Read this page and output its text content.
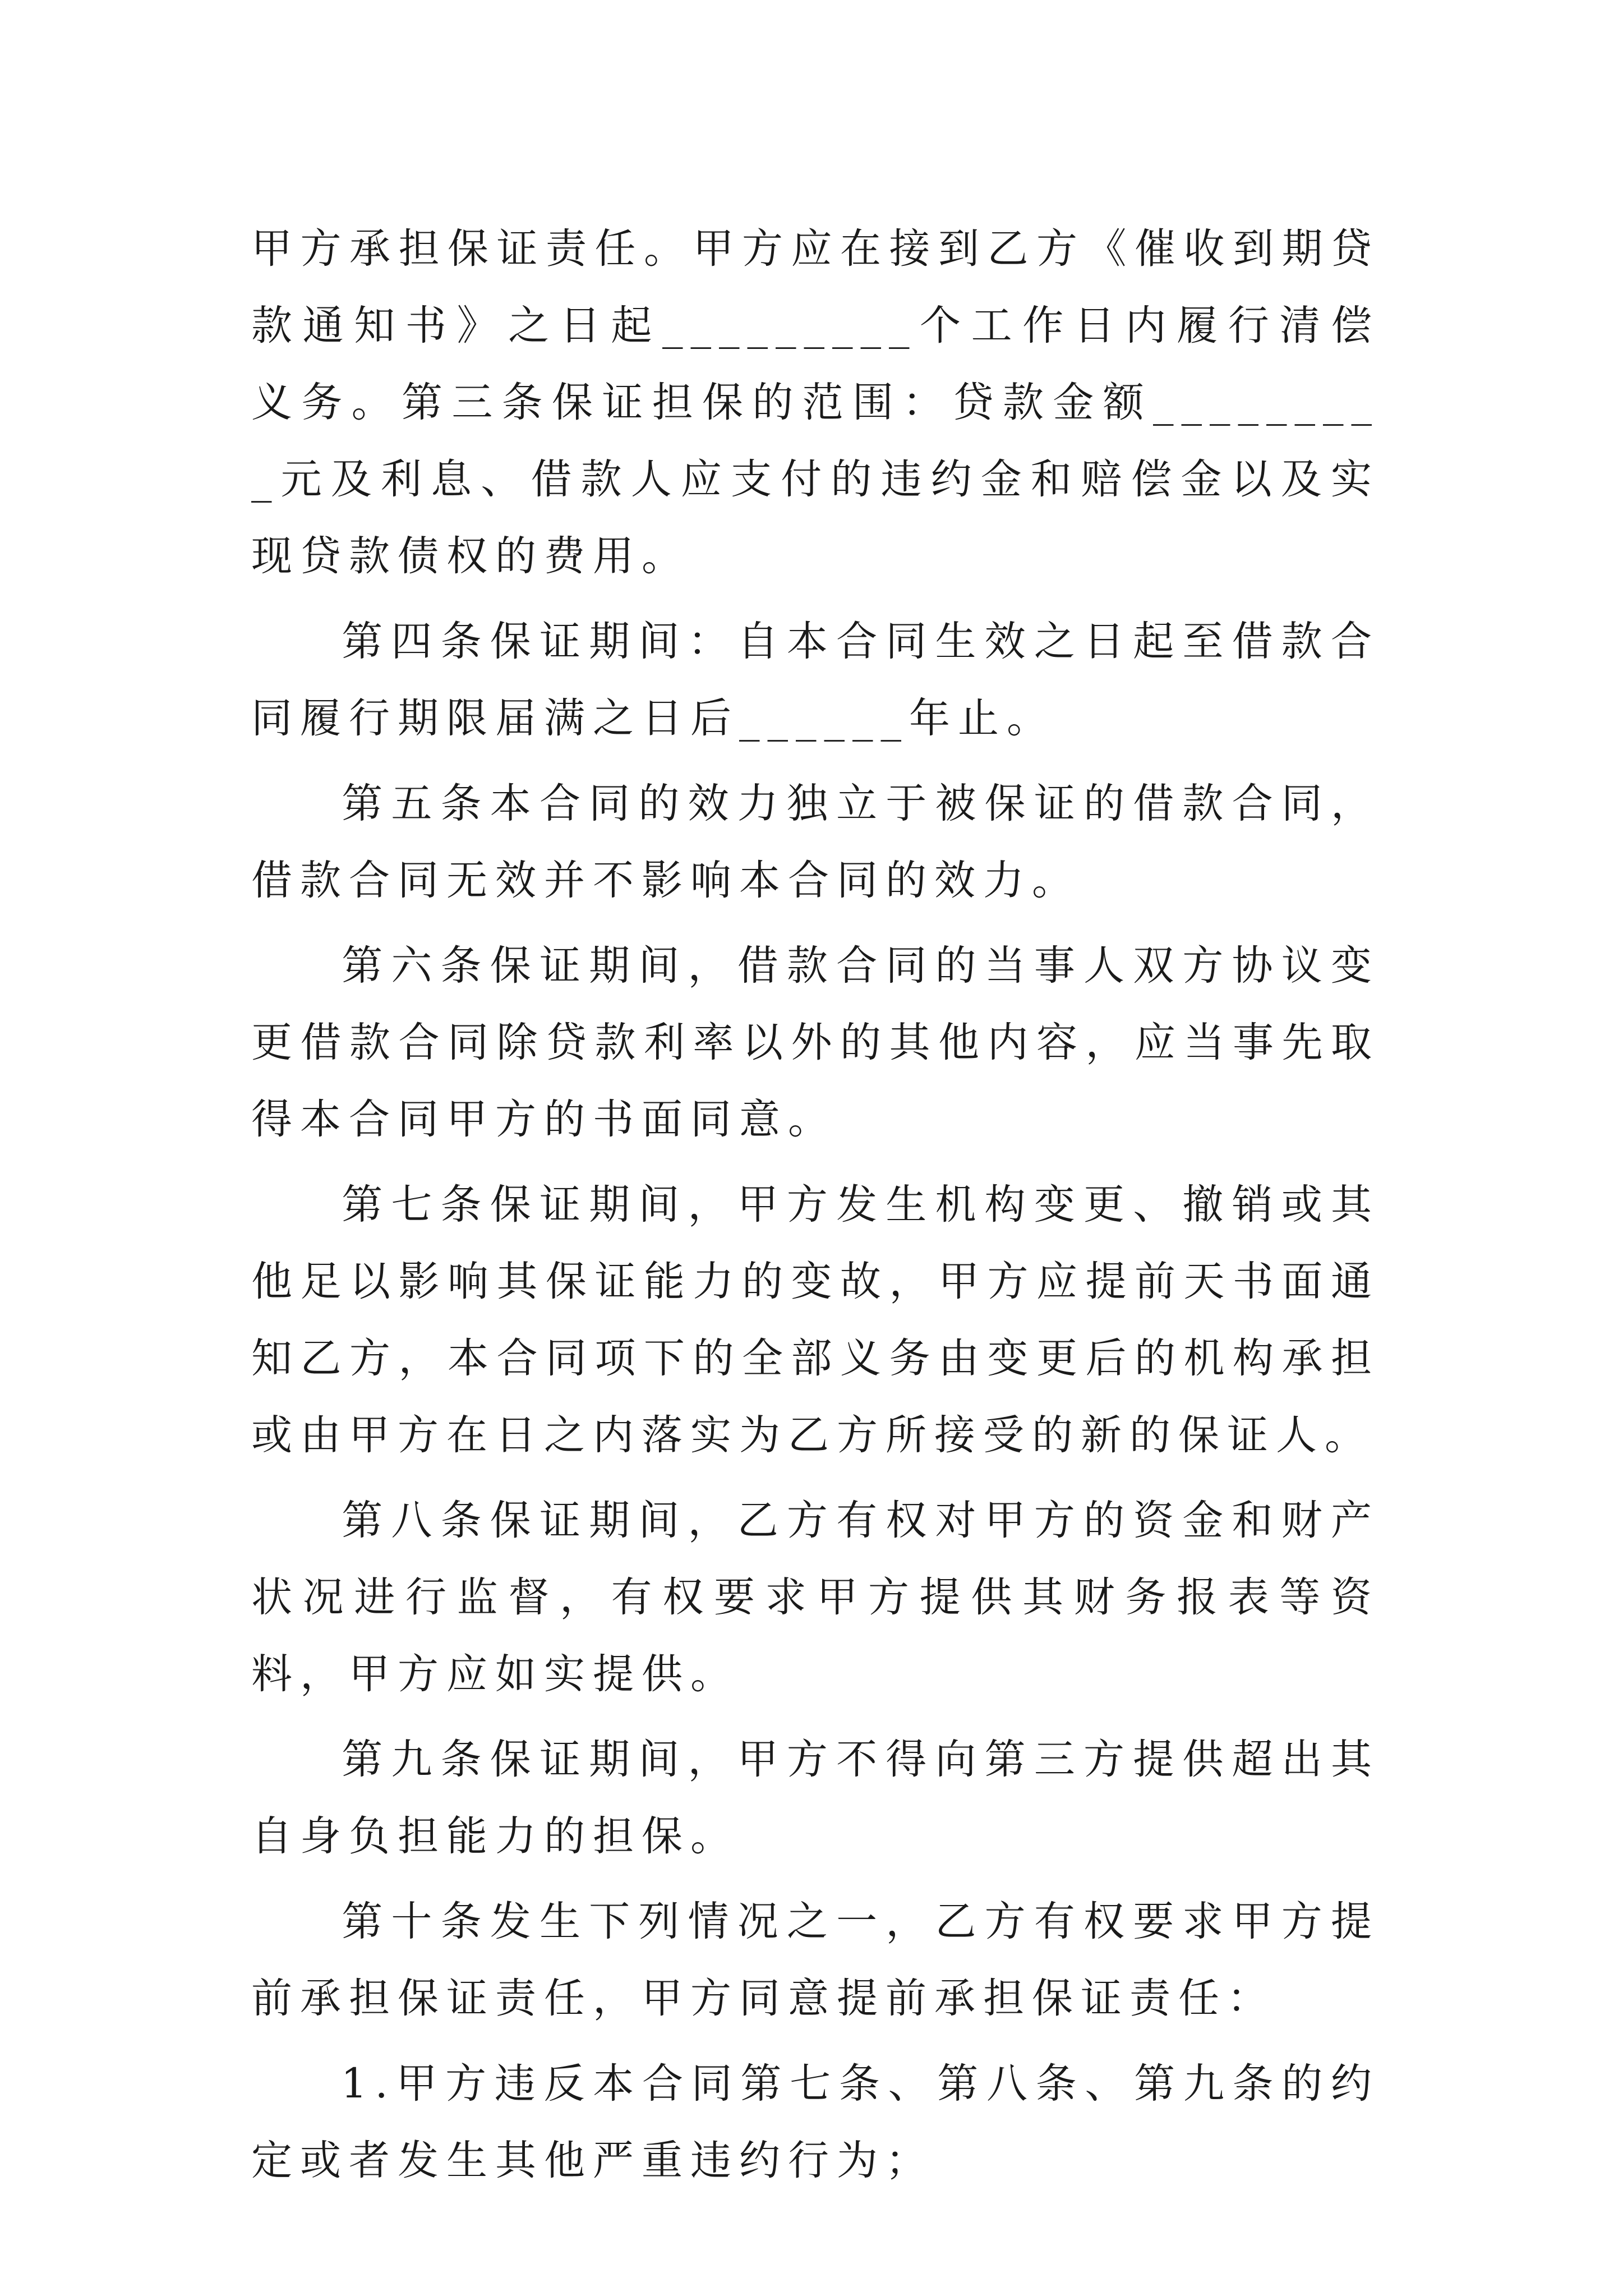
甲方承担保证责任。甲方应在接到乙方《催收到期贷款通知书》之日起_________个工作日内履行清偿义务。第三条保证担保的范围：贷款金额_________元及利息、借款人应支付的违约金和赔偿金以及实现贷款债权的费用。

第四条保证期间：自本合同生效之日起至借款合同履行期限届满之日后______年止。

第五条本合同的效力独立于被保证的借款合同，借款合同无效并不影响本合同的效力。

第六条保证期间，借款合同的当事人双方协议变更借款合同除贷款利率以外的其他内容，应当事先取得本合同甲方的书面同意。

第七条保证期间，甲方发生机构变更、撤销或其他足以影响其保证能力的变故，甲方应提前天书面通知乙方，本合同项下的全部义务由变更后的机构承担或由甲方在日之内落实为乙方所接受的新的保证人。

第八条保证期间，乙方有权对甲方的资金和财产状况进行监督，有权要求甲方提供其财务报表等资料，甲方应如实提供。

第九条保证期间，甲方不得向第三方提供超出其自身负担能力的担保。

第十条发生下列情况之一，乙方有权要求甲方提前承担保证责任，甲方同意提前承担保证责任：

1.甲方违反本合同第七条、第八条、第九条的约定或者发生其他严重违约行为；
